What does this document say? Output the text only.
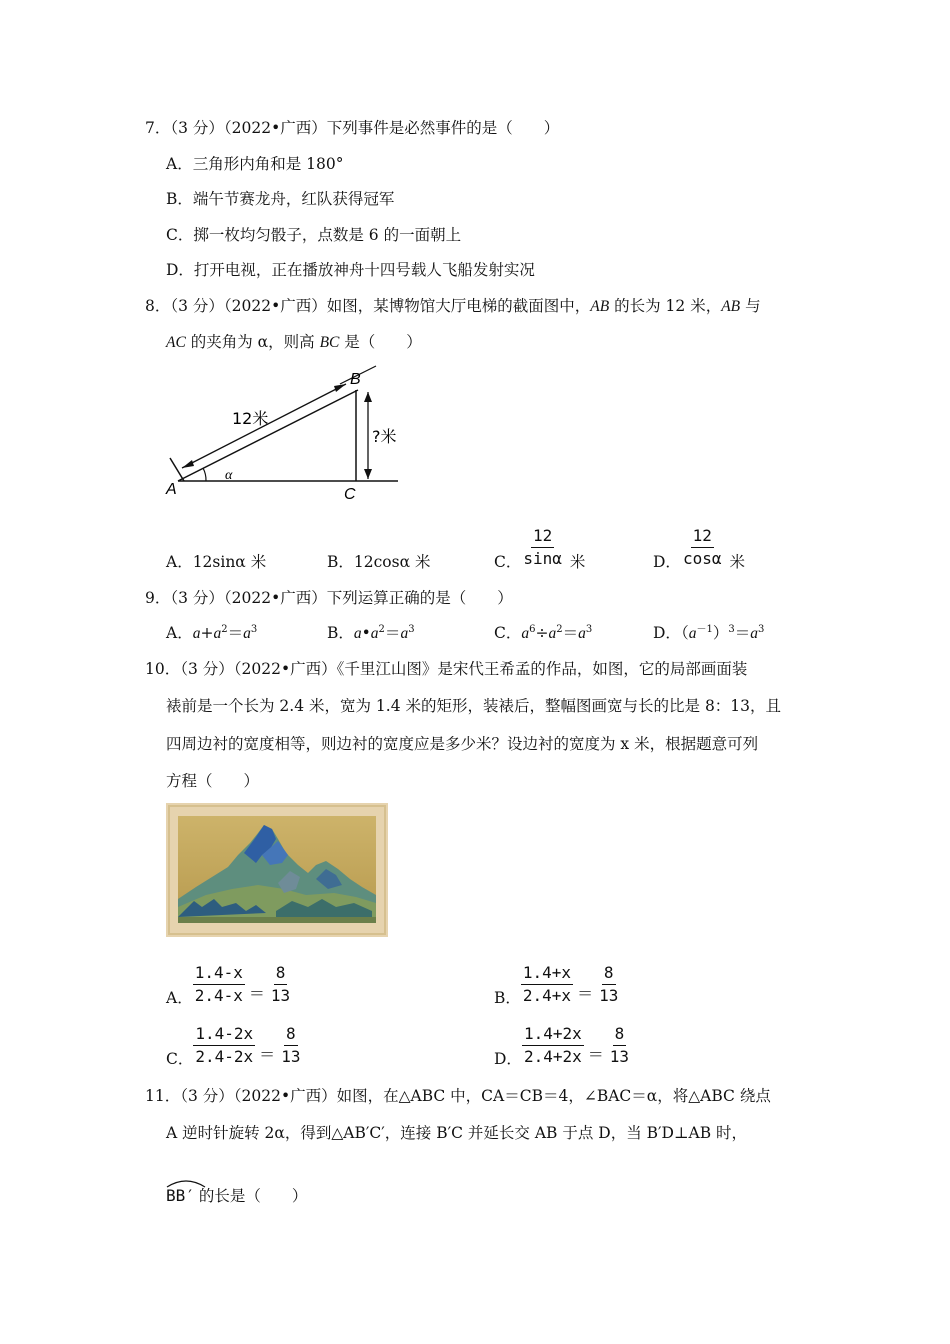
7．（3 分）（2022•广西）下列事件是必然事件的是（　　）
A．三角形内角和是 180°
B．端午节赛龙舟，红队获得冠军
C．掷一枚均匀骰子，点数是 6 的一面朝上
D．打开电视，正在播放神舟十四号载人飞船发射实况
8．（3 分）（2022•广西）如图，某博物馆大厅电梯的截面图中，AB 的长为 12 米，AB 与
AC 的夹角为 α，则高 BC 是（　　）
α
12米
?米
A
B
C
A．12sinα 米	B．12cosα 米	C． $\frac{12}{\sin\alpha}$ 米	D． $\frac{12}{\cos\alpha}$ 米
9．（3 分）（2022•广西）下列运算正确的是（　　）
A．$a+a^2=a^3$	B．$a•a^2=a^3$	C．$a^6\div a^2=a^3$	D．$(a^{-1})^3=a^3$
10．（3 分）（2022•广西）《千里江山图》是宋代王希孟的作品，如图，它的局部画面装
裱前是一个长为 2.4 米，宽为 1.4 米的矩形，装裱后，整幅图画宽与长的比是 8：13，且
四周边衬的宽度相等，则边衬的宽度应是多少米？设边衬的宽度为 x 米，根据题意可列
方程（　　）
A． $\frac{1.4-x}{2.4-x} = \frac{8}{13}$	B． $\frac{1.4+x}{2.4+x} = \frac{8}{13}$
C． $\frac{1.4-2x}{2.4-2x} = \frac{8}{13}$	D． $\frac{1.4+2x}{2.4+2x} = \frac{8}{13}$
11．（3 分）（2022•广西）如图，在△ABC 中，CA＝CB＝4，∠BAC＝α，将△ABC 绕点
A 逆时针旋转 2α，得到△AB′C′，连接 B′C 并延长交 AB 于点 D，当 B′D⊥AB 时，
BB′ 的长是（　　）
